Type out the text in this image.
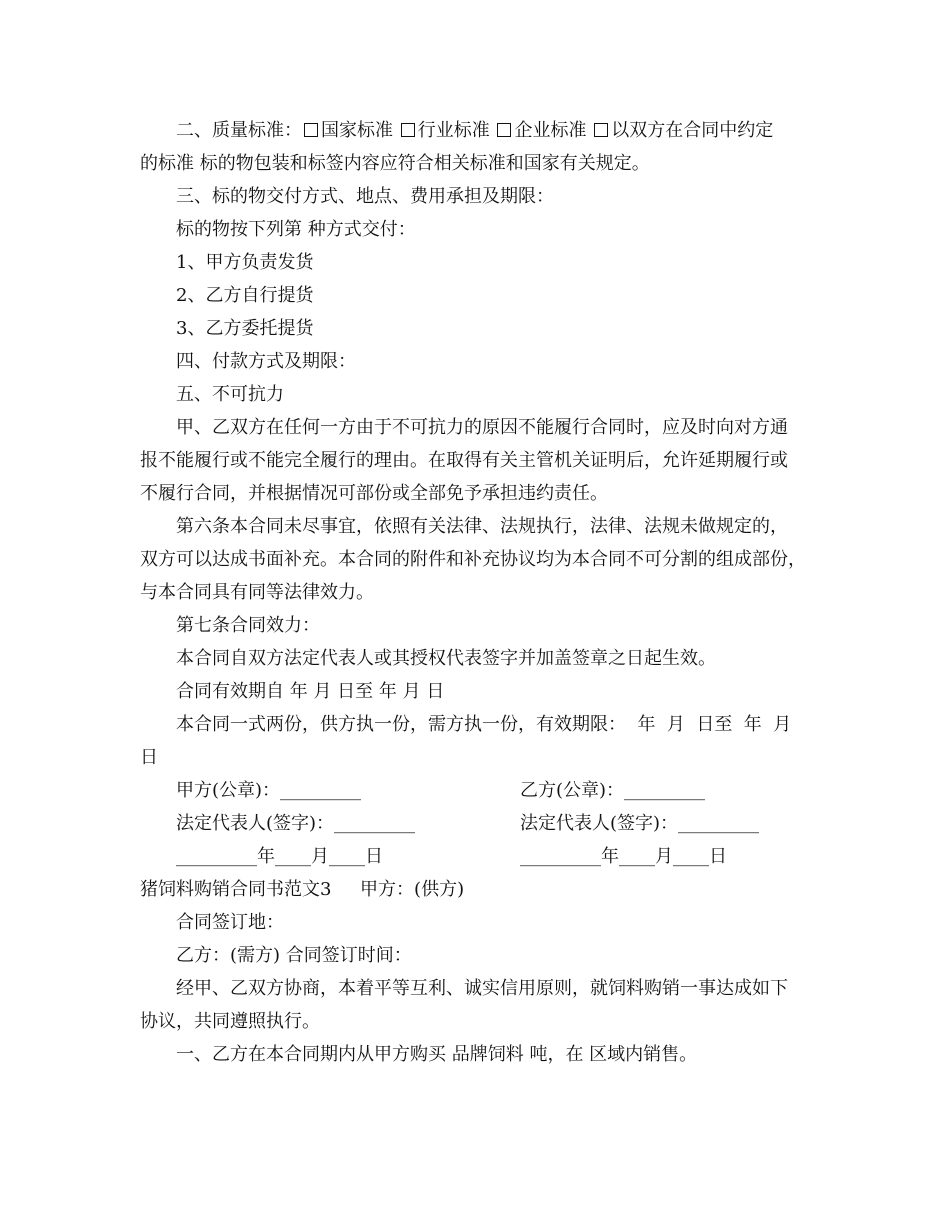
二、质量标准： 国家标准 行业标准 企业标准 以双方在合同中约定
的标准 标的物包装和标签内容应符合相关标准和国家有关规定。
三、标的物交付方式、地点、费用承担及期限：
标的物按下列第 种方式交付：
1、甲方负责发货
2、乙方自行提货
3、乙方委托提货
四、付款方式及期限：
五、不可抗力
甲、乙双方在任何一方由于不可抗力的原因不能履行合同时，应及时向对方通
报不能履行或不能完全履行的理由。在取得有关主管机关证明后，允许延期履行或
不履行合同，并根据情况可部份或全部免予承担违约责任。
第六条本合同未尽事宜，依照有关法律、法规执行，法律、法规未做规定的，
双方可以达成书面补充。本合同的附件和补充协议均为本合同不可分割的组成部份，
与本合同具有同等法律效力。
第七条合同效力：
本合同自双方法定代表人或其授权代表签字并加盖签章之日起生效。
合同有效期自 年 月 日至 年 月 日
本合同一式两份，供方执一份，需方执一份，有效期限：  年  月  日至  年  月
日
甲方(公章)：_________	乙方(公章)：_________
法定代表人(签字)：_________	法定代表人(签字)：_________
_________年____月____日	_________年____月____日
猪饲料购销合同书范文3     甲方：(供方)
合同签订地：
乙方：(需方) 合同签订时间：
经甲、乙双方协商，本着平等互利、诚实信用原则，就饲料购销一事达成如下
协议，共同遵照执行。
一、乙方在本合同期内从甲方购买 品牌饲料 吨，在 区域内销售。
